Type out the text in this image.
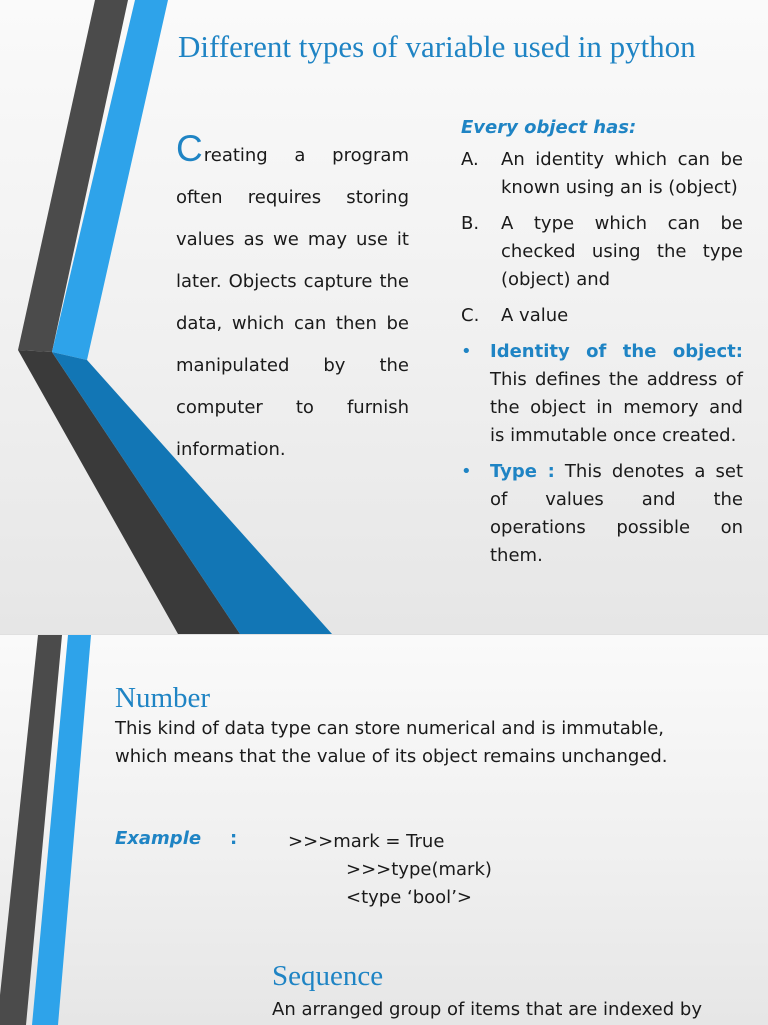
Different types of variable used in python
Creating a program often requires storing values as we may use it later. Objects capture the data, which can then be manipulated by the computer to furnish information.
Every object has:
A.	An identity which can be known using an is (object)
B.	A type which can be checked using the type (object) and
C.	A value
•	Identity of the object: This defines the address of the object in memory and is immutable once created.
•	Type : This denotes a set of values and the operations possible on them.
Number
This kind of data type can store numerical and is immutable, which means that the value of its object remains unchanged.
Example :	>>>mark = True
>>>type(mark)
<type ‘bool’>
Sequence
An arranged group of items that are indexed by
